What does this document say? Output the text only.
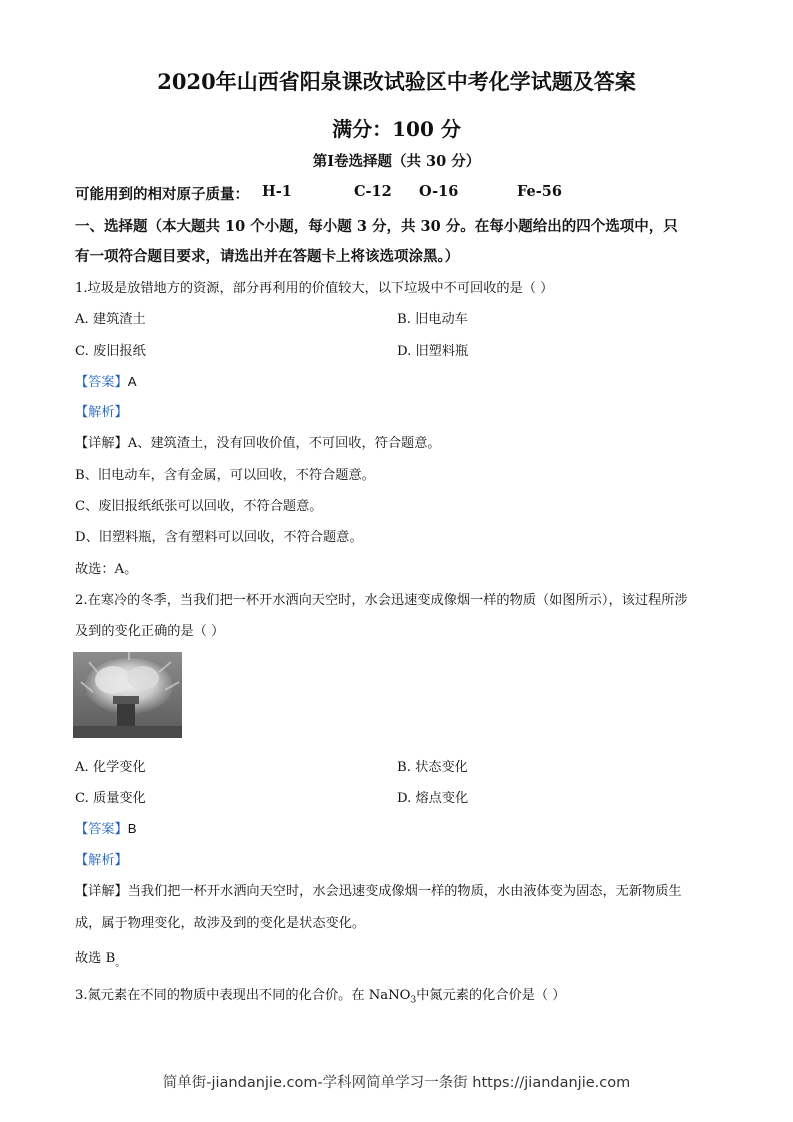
2020年山西省阳泉课改试验区中考化学试题及答案
满分：100 分
第Ⅰ卷选择题（共 30 分）
可能用到的相对原子质量： H-1	C-12 O-16	Fe-56
一、选择题（本大题共 10 个小题，每小题 3 分，共 30 分。在每小题给出的四个选项中，只
有一项符合题目要求，请选出并在答题卡上将该选项涂黑。）
1.垃圾是放错地方的资源，部分再利用的价值较大，以下垃圾中不可回收的是（ ）
A. 建筑渣土	B. 旧电动车
C. 废旧报纸	D. 旧塑料瓶
【答案】A
【解析】
【详解】A、建筑渣土，没有回收价值，不可回收，符合题意。
B、旧电动车，含有金属，可以回收，不符合题意。
C、废旧报纸纸张可以回收，不符合题意。
D、旧塑料瓶，含有塑料可以回收，不符合题意。
故选：A。
2.在寒冷的冬季，当我们把一杯开水洒向天空时，水会迅速变成像烟一样的物质（如图所示），该过程所涉
及到的变化正确的是（ ）
A. 化学变化	B. 状态变化
C. 质量变化	D. 熔点变化
【答案】B
【解析】
【详解】当我们把一杯开水洒向天空时，水会迅速变成像烟一样的物质，水由液体变为固态，无新物质生
成，属于物理变化，故涉及到的变化是状态变化。
故选 $B_。$
3.氮元素在不同的物质中表现出不同的化合价。在 NaNO$_3$中氮元素的化合价是（ ）
简单街-jiandanjie.com-学科网简单学习一条街 https://jiandanjie.com
